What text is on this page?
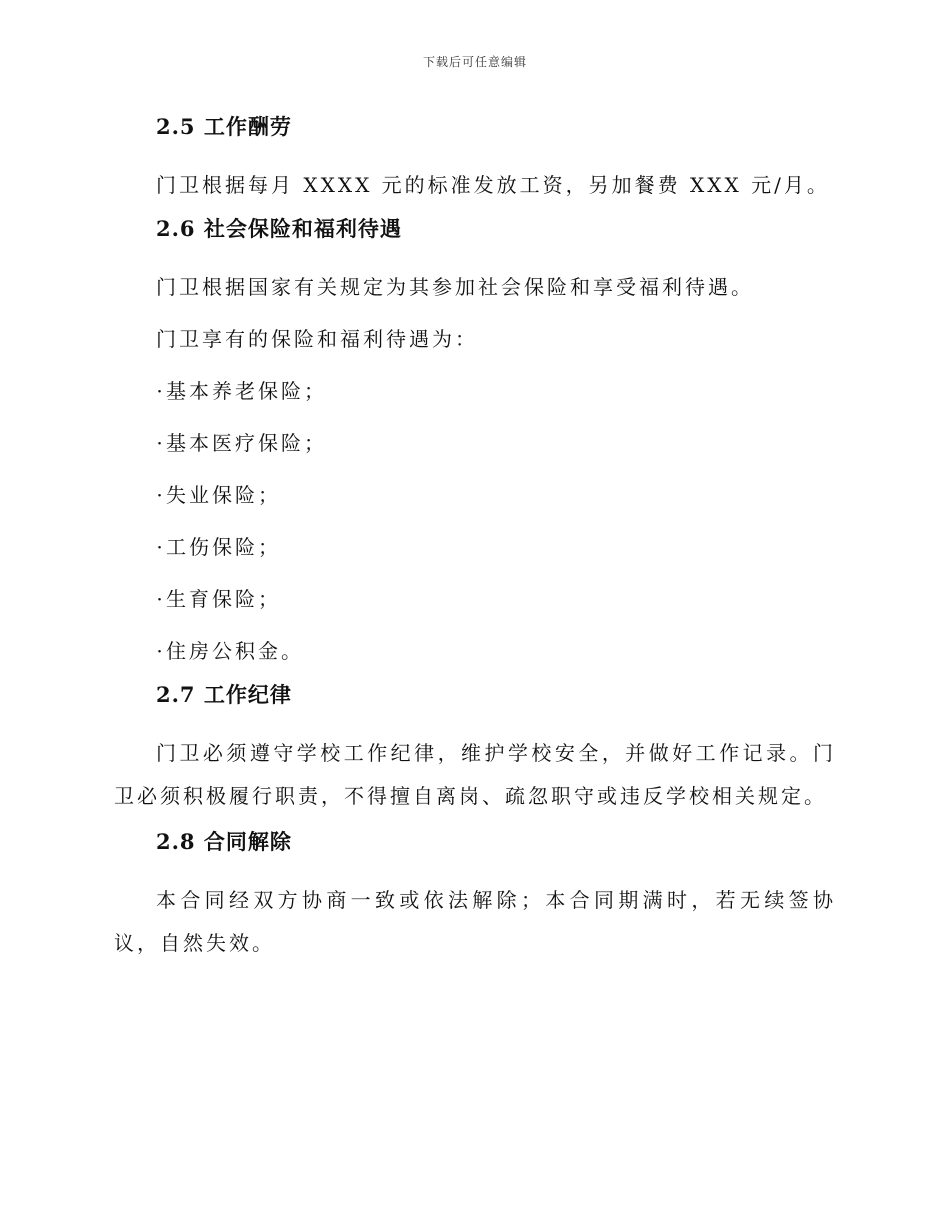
下载后可任意编辑
2.5 工作酬劳

门卫根据每月 XXXX 元的标准发放工资，另加餐费 XXX 元/月。

2.6 社会保险和福利待遇

门卫根据国家有关规定为其参加社会保险和享受福利待遇。

门卫享有的保险和福利待遇为：

·基本养老保险；
·基本医疗保险；
·失业保险；
·工伤保险；
·生育保险；
·住房公积金。
2.7 工作纪律

门卫必须遵守学校工作纪律，维护学校安全，并做好工作记录。门卫必须积极履行职责，不得擅自离岗、疏忽职守或违反学校相关规定。

2.8 合同解除

本合同经双方协商一致或依法解除；本合同期满时，若无续签协议，自然失效。
